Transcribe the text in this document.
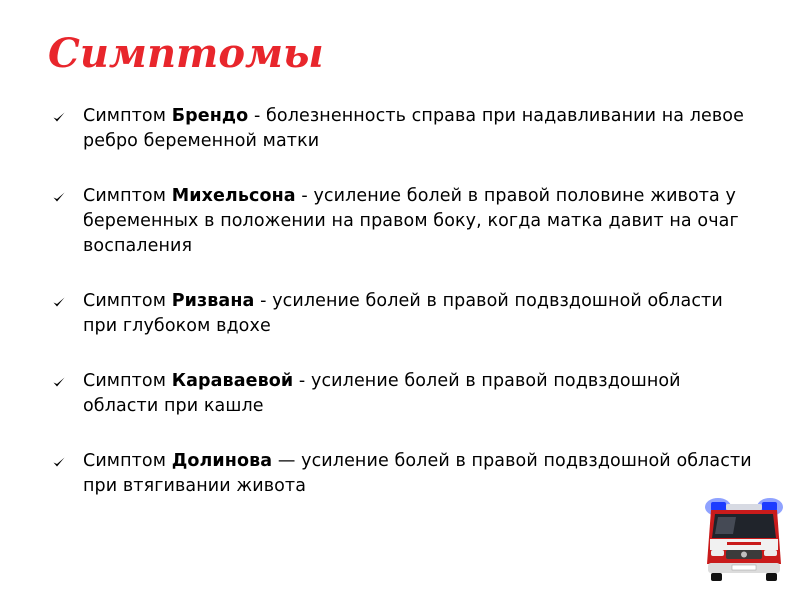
Симптомы
Симптом Брендо - болезненность справа при надавливании на левое ребро беременной матки
Симптом Михельсона - усиление болей в правой половине живота у беременных в положении на правом боку, когда матка давит на очаг воспаления
Симптом Ризвана - усиление болей в правой подвздошной области при глубоком вдохе
Симптом Караваевой - усиление болей в правой подвздошной области при кашле
Симптом Долинова — усиление болей в правой подвздошной области при втягивании живота
